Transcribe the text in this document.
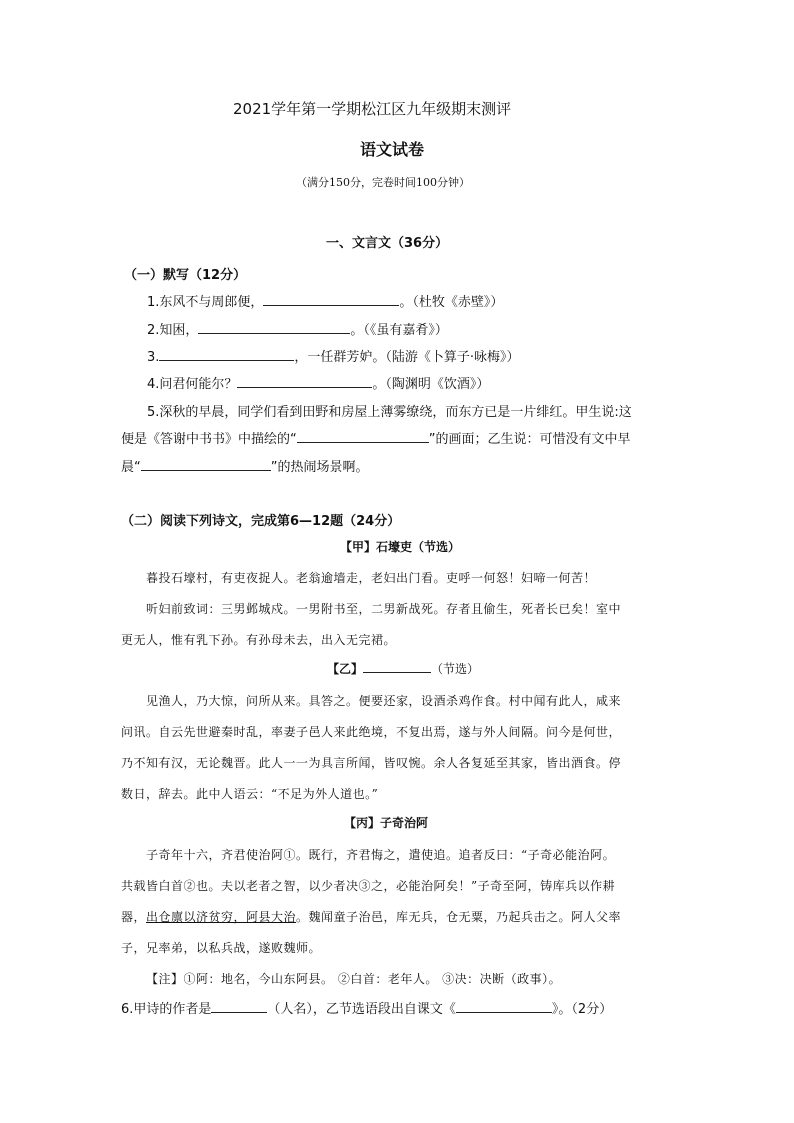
2021学年第一学期松江区九年级期末测评
语文试卷
（满分150分，完卷时间100分钟）
一、文言文（36分）
（一）默写（12分）
1.东风不与周郎便，	。（杜牧《赤壁》）
2.知困，	。（《虽有嘉肴》）
3.	，一任群芳妒。（陆游《卜算子·咏梅》）
4.问君何能尔？	。（陶渊明《饮酒》）
5.深秋的早晨，同学们看到田野和房屋上薄雾缭绕，而东方已是一片绯红。甲生说:这
便是《答谢中书书》中描绘的“	”的画面；乙生说：可惜没有文中早
晨“	”的热闹场景啊。
（二）阅读下列诗文，完成第6—12题（24分）
【甲】石壕吏（节选）
暮投石壕村，有吏夜捉人。老翁逾墙走，老妇出门看。吏呼一何怒！妇啼一何苦！
听妇前致词：三男邺城戍。一男附书至，二男新战死。存者且偷生，死者长已矣！室中
更无人，惟有乳下孙。有孙母未去，出入无完裙。
【乙】	（节选）
见渔人，乃大惊，问所从来。具答之。便要还家，设酒杀鸡作食。村中闻有此人，咸来
问讯。自云先世避秦时乱，率妻子邑人来此绝境，不复出焉，遂与外人间隔。问今是何世，
乃不知有汉，无论魏晋。此人一一为具言所闻，皆叹惋。余人各复延至其家，皆出酒食。停
数日，辞去。此中人语云：“不足为外人道也。”
【丙】子奇治阿
子奇年十六，齐君使治阿①。既行，齐君悔之，遣使追。追者反曰：“子奇必能治阿。
共载皆白首②也。夫以老者之智，以少者决③之，必能治阿矣！”子奇至阿，铸库兵以作耕
器，出仓廪以济贫穷，阿县大治。魏闻童子治邑，库无兵，仓无粟，乃起兵击之。阿人父率
子，兄率弟，以私兵战，遂败魏师。
【注】①阿：地名，今山东阿县。 ②白首：老年人。 ③决：决断（政事）。
6.甲诗的作者是	（人名），乙节选语段出自课文《	》。（2分）
